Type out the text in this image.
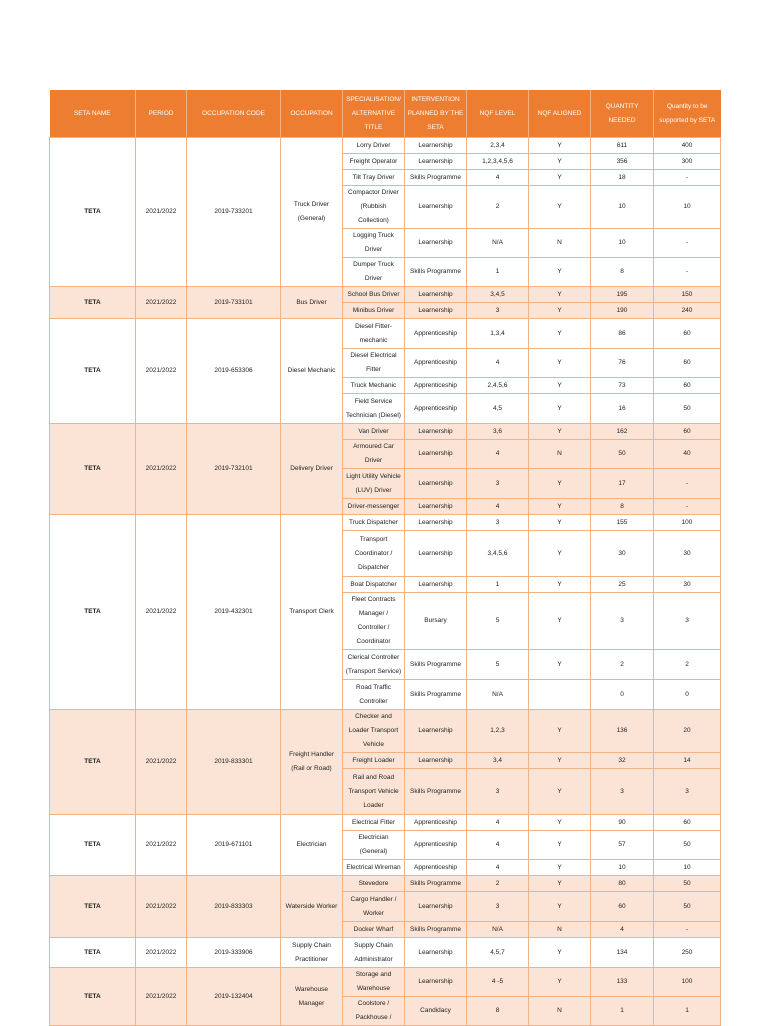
SETA NAME	PERIOD	OCCUPATION CODE	OCCUPATION	SPECIALISATION/ ALTERNATIVE TITLE	INTERVENTION PLANNED BY THE SETA	NQF LEVEL	NQF ALIGNED	QUANTITY NEEDED	Quantity to be supported by SETA
TETA	2021/2022	2019-733201	Truck Driver (General)	Lorry Driver	Learnership	2,3,4	Y	611	400
				Freight Operator	Learnership	1,2,3,4,5,6	Y	356	300
				Tilt Tray Driver	Skills Programme	4	Y	18	-
				Compactor Driver (Rubbish Collection)	Learnership	2	Y	10	10
				Logging Truck Driver	Learnership	N/A	N	10	-
				Dumper Truck Driver	Skills Programme	1	Y	8	-
TETA	2021/2022	2019-733101	Bus Driver	School Bus Driver	Learnership	3,4,5	Y	195	150
				Minibus Driver	Learnership	3	Y	190	240
TETA	2021/2022	2019-653306	Diesel Mechanic	Diesel Fitter-mechanic	Apprenticeship	1,3,4	Y	86	60
				Diesel Electrical Fitter	Apprenticeship	4	Y	76	60
				Truck Mechanic	Apprenticeship	2,4,5,6	Y	73	60
				Field Service Technician (Diesel)	Apprenticeship	4,5	Y	16	50
TETA	2021/2022	2019-732101	Delivery Driver	Van Driver	Learnership	3,6	Y	162	60
				Armoured Car Driver	Learnership	4	N	50	40
				Light Utility Vehicle (LUV) Driver	Learnership	3	Y	17	-
				Driver-messenger	Learnership	4	Y	8	-
TETA	2021/2022	2019-432301	Transport Clerk	Truck Dispatcher	Learnership	3	Y	155	100
				Transport Coordinator / Dispatcher	Learnership	3,4,5,6	Y	30	30
				Boat Dispatcher	Learnership	1	Y	25	30
				Fleet Contracts Manager / Controller / Coordinator	Bursary	5	Y	3	3
				Clerical Controller (Transport Service)	Skills Programme	5	Y	2	2
				Road Traffic Controller	Skills Programme	N/A		0	0
TETA	2021/2022	2019-833301	Freight Handler (Rail or Road)	Checker and Loader Transport Vehicle	Learnership	1,2,3	Y	136	20
				Freight Loader	Learnership	3,4	Y	32	14
				Rail and Road Transport Vehicle Loader	Skills Programme	3	Y	3	3
TETA	2021/2022	2019-671101	Electrician	Electrical Fitter	Apprenticeship	4	Y	90	60
				Electrician (General)	Apprenticeship	4	Y	57	50
				Electrical Wireman	Apprenticeship	4	Y	10	10
TETA	2021/2022	2019-833303	Waterside Worker	Stevedore	Skills Programme	2	Y	80	50
				Cargo Handler / Worker	Learnership	3	Y	60	50
				Docker Wharf	Skills Programme	N/A	N	4	-
TETA	2021/2022	2019-333906	Supply Chain Practitioner	Supply Chain Administrator	Learnership	4,5,7	Y	134	250
TETA	2021/2022	2019-132404	Warehouse Manager	Storage and Warehouse	Learnership	4 -5	Y	133	100
				Coolstore / Packhouse /	Candidacy	8	N	1	1
